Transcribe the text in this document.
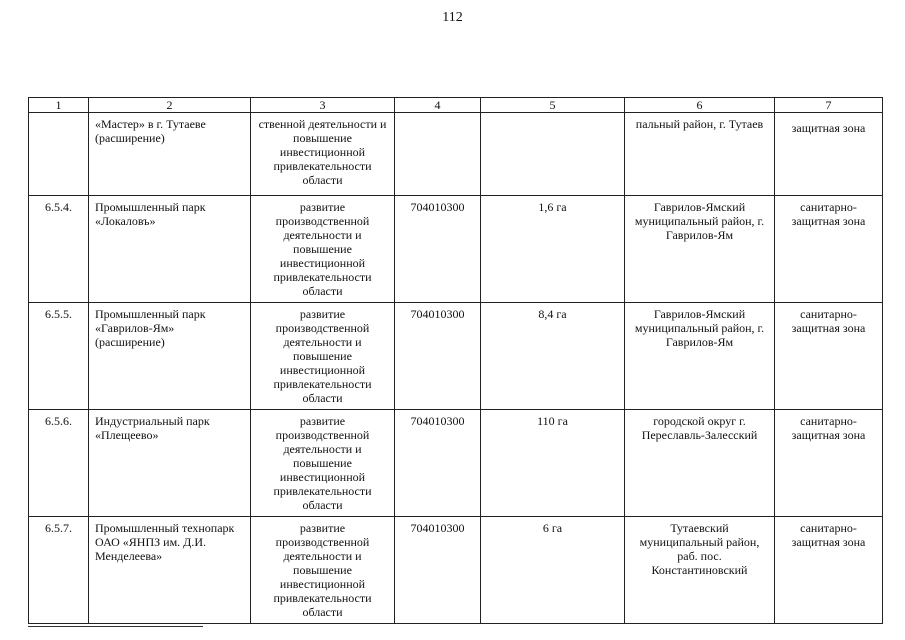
112
1	2	3	4	5	6	7
	«Мастер» в г. Тутаеве (расширение)	ственной деятельности и повышение инвестиционной привлекательности области			пальный район, г. Тутаев	защитная зона
6.5.4.	Промышленный парк «Локаловъ»	развитие производственной деятельности и повышение инвестиционной привлекательности области	704010300	1,6 га	Гаврилов-Ямский муниципальный район, г. Гаврилов-Ям	санитарно-защитная зона
6.5.5.	Промышленный парк «Гаврилов-Ям» (расширение)	развитие производственной деятельности и повышение инвестиционной привлекательности области	704010300	8,4 га	Гаврилов-Ямский муниципальный район, г. Гаврилов-Ям	санитарно-защитная зона
6.5.6.	Индустриальный парк «Плещеево»	развитие производственной деятельности и повышение инвестиционной привлекательности области	704010300	110 га	городской округ г. Переславль-Залесский	санитарно-защитная зона
6.5.7.	Промышленный технопарк ОАО «ЯНПЗ им. Д.И. Менделеева»	развитие производственной деятельности и повышение инвестиционной привлекательности области	704010300	6 га	Тутаевский муниципальный район, раб. пос. Константиновский	санитарно-защитная зона
